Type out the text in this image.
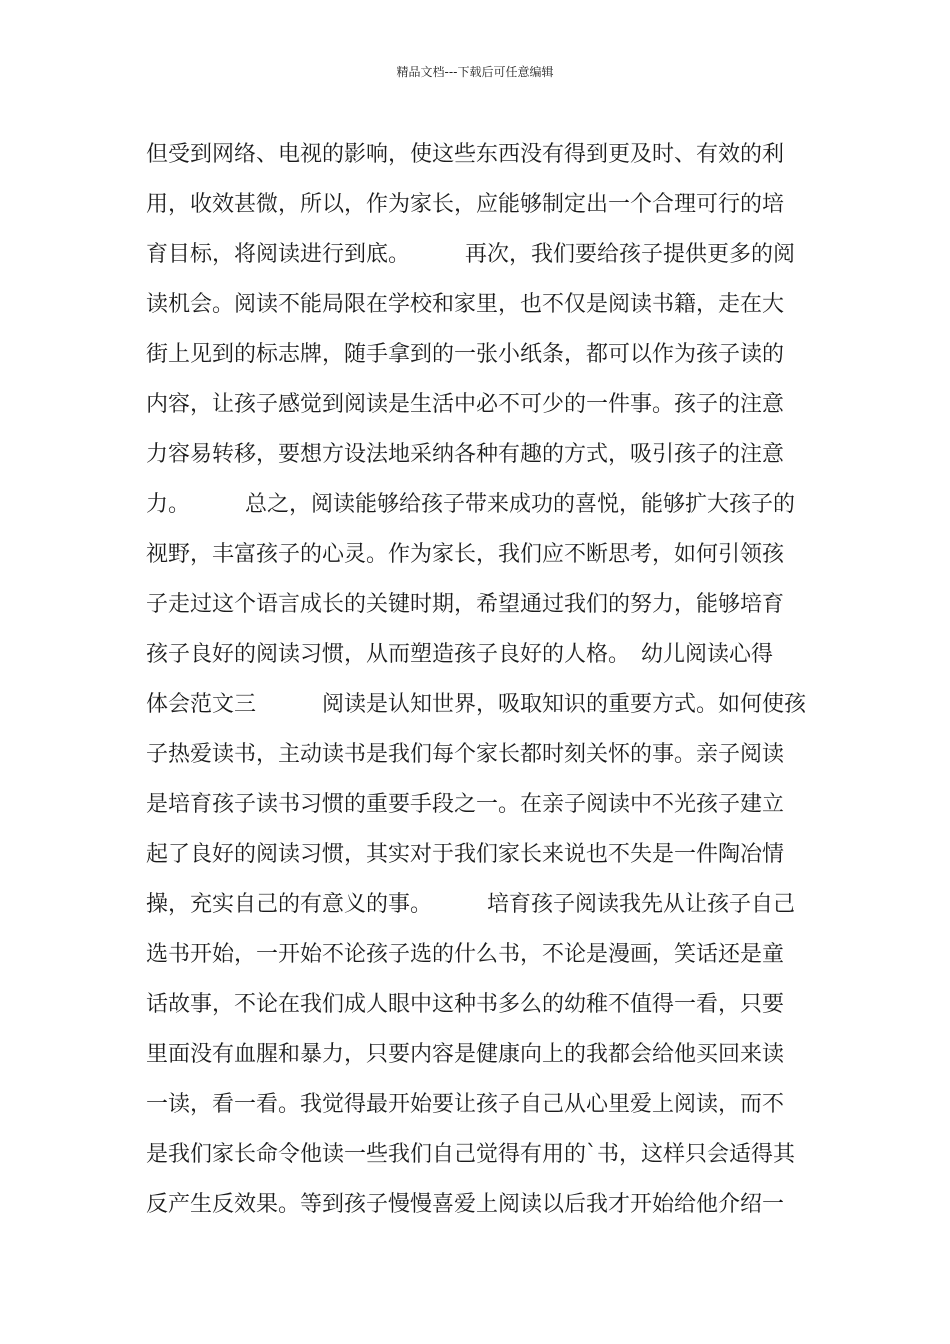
精品文档---下载后可任意编辑
但受到网络、电视的影响，使这些东西没有得到更及时、有效的利
用，收效甚微，所以，作为家长，应能够制定出一个合理可行的培
育目标，将阅读进行到底。　　　再次，我们要给孩子提供更多的阅
读机会。阅读不能局限在学校和家里，也不仅是阅读书籍，走在大
街上见到的标志牌，随手拿到的一张小纸条，都可以作为孩子读的
内容，让孩子感觉到阅读是生活中必不可少的一件事。孩子的注意
力容易转移，要想方设法地采纳各种有趣的方式，吸引孩子的注意
力。　　　总之，阅读能够给孩子带来成功的喜悦，能够扩大孩子的
视野，丰富孩子的心灵。作为家长，我们应不断思考，如何引领孩
子走过这个语言成长的关键时期，希望通过我们的努力，能够培育
孩子良好的阅读习惯，从而塑造孩子良好的人格。　幼儿阅读心得
体会范文三　　　阅读是认知世界，吸取知识的重要方式。如何使孩
子热爱读书，主动读书是我们每个家长都时刻关怀的事。亲子阅读
是培育孩子读书习惯的重要手段之一。在亲子阅读中不光孩子建立
起了良好的阅读习惯，其实对于我们家长来说也不失是一件陶冶情
操，充实自己的有意义的事。　　　培育孩子阅读我先从让孩子自己
选书开始，一开始不论孩子选的什么书，不论是漫画，笑话还是童
话故事，不论在我们成人眼中这种书多么的幼稚不值得一看，只要
里面没有血腥和暴力，只要内容是健康向上的我都会给他买回来读
一读，看一看。我觉得最开始要让孩子自己从心里爱上阅读，而不
是我们家长命令他读一些我们自己觉得有用的`书，这样只会适得其
反产生反效果。等到孩子慢慢喜爱上阅读以后我才开始给他介绍一
